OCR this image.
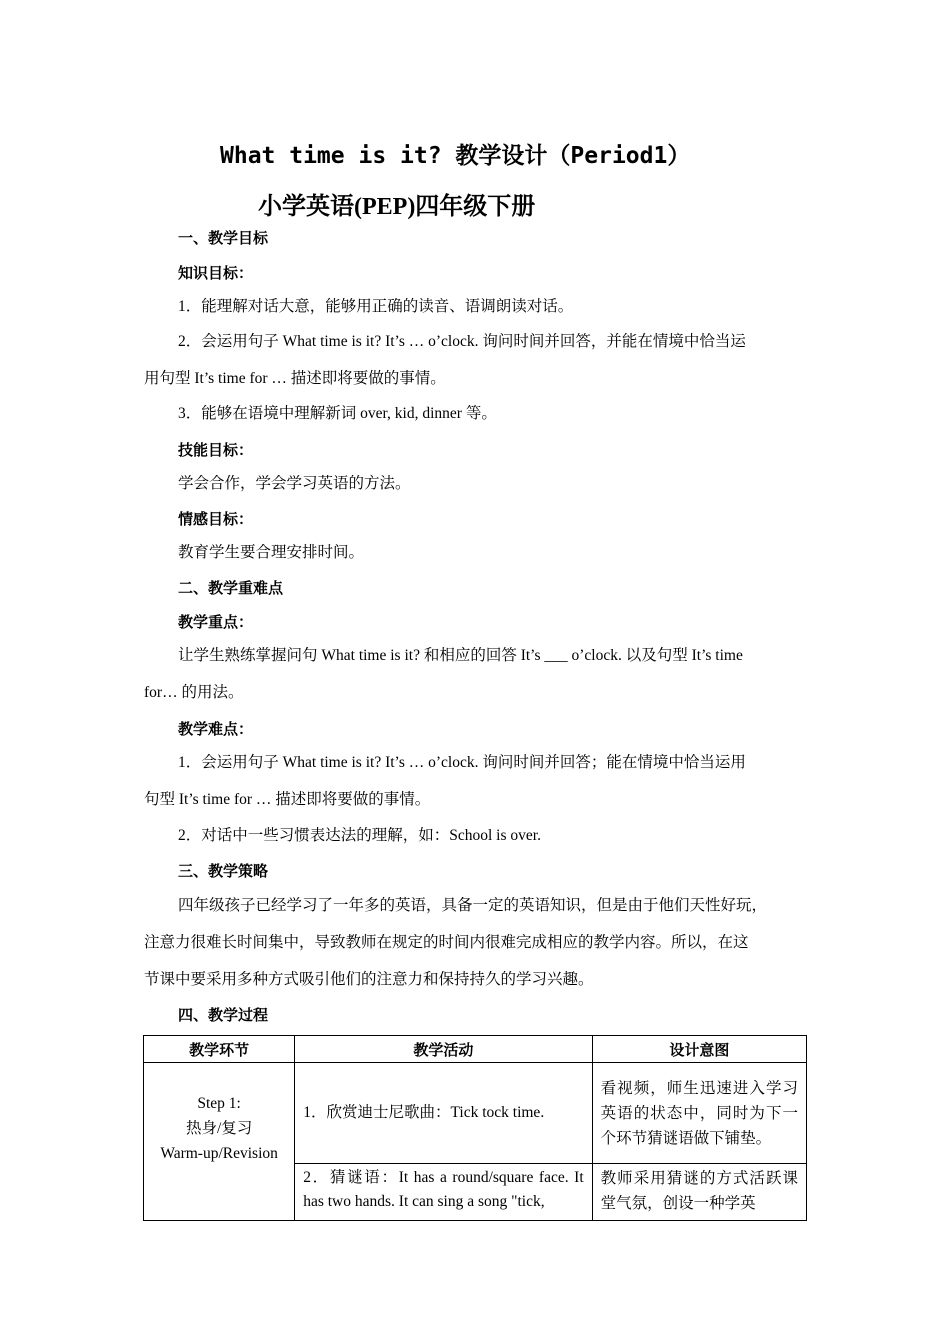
What time is it? 教学设计（Period1）
小学英语(PEP)四年级下册
一、教学目标
知识目标：
1．能理解对话大意，能够用正确的读音、语调朗读对话。
2．会运用句子 What time is it? It’s … o’clock. 询问时间并回答，并能在情境中恰当运
用句型 It’s time for … 描述即将要做的事情。
3．能够在语境中理解新词 over, kid, dinner 等。
技能目标：
学会合作，学会学习英语的方法。
情感目标：
教育学生要合理安排时间。
二、教学重难点
教学重点：
让学生熟练掌握问句 What time is it? 和相应的回答 It’s ___ o’clock. 以及句型 It’s time
for… 的用法。
教学难点：
1．会运用句子 What time is it? It’s … o’clock. 询问时间并回答；能在情境中恰当运用
句型 It’s time for … 描述即将要做的事情。
2．对话中一些习惯表达法的理解，如：School is over.
三、教学策略
四年级孩子已经学习了一年多的英语，具备一定的英语知识，但是由于他们天性好玩，
注意力很难长时间集中，导致教师在规定的时间内很难完成相应的教学内容。所以，在这
节课中要采用多种方式吸引他们的注意力和保持持久的学习兴趣。
四、教学过程
教学环节	教学活动	设计意图

Step 1:
热身/复习
Warm-up/Revision	1．欣赏迪士尼歌曲：Tick tock time.	看视频，师生迅速进入学习英语的状态中，同时为下一个环节猜谜语做下铺垫。

	2．猜谜语：It has a round/square face. It has two hands. It can sing a song "tick,	教师采用猜谜的方式活跃课堂气氛，创设一种学英
